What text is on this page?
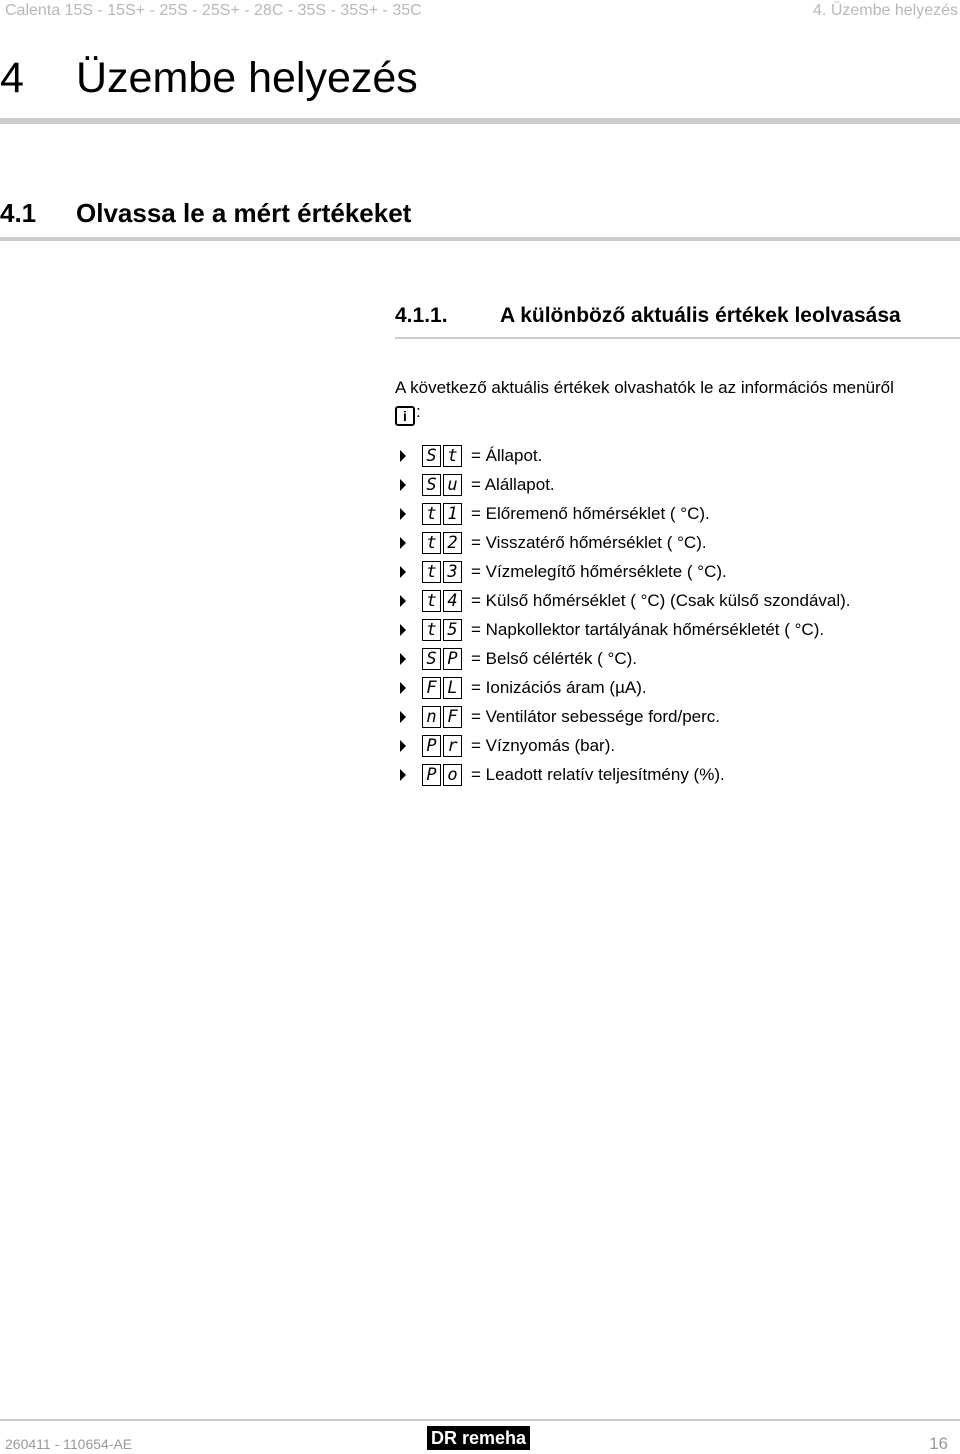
Calenta 15S - 15S+ - 25S - 25S+ - 28C - 35S - 35S+ - 35C	4. Üzembe helyezés
4 Üzembe helyezés
4.1 Olvassa le a mért értékeket
4.1.1. A különböző aktuális értékek leolvasása

A következő aktuális értékek olvashatók le az információs menüről
i :

S t = Állapot.
S u = Alállapot.
t 1 = Előremenő hőmérséklet ( °C).
t 2 = Visszatérő hőmérséklet ( °C).
t 3 = Vízmelegítő hőmérséklete ( °C).
t 4 = Külső hőmérséklet ( °C) (Csak külső szondával).
t 5 = Napkollektor tartályának hőmérsékletét ( °C).
S P = Belső célérték ( °C).
F L = Ionizációs áram (µA).
n F = Ventilátor sebessége ford/perc.
P r = Víznyomás (bar).
P o = Leadott relatív teljesítmény (%).
260411 - 110654-AE	DR remeha	16
